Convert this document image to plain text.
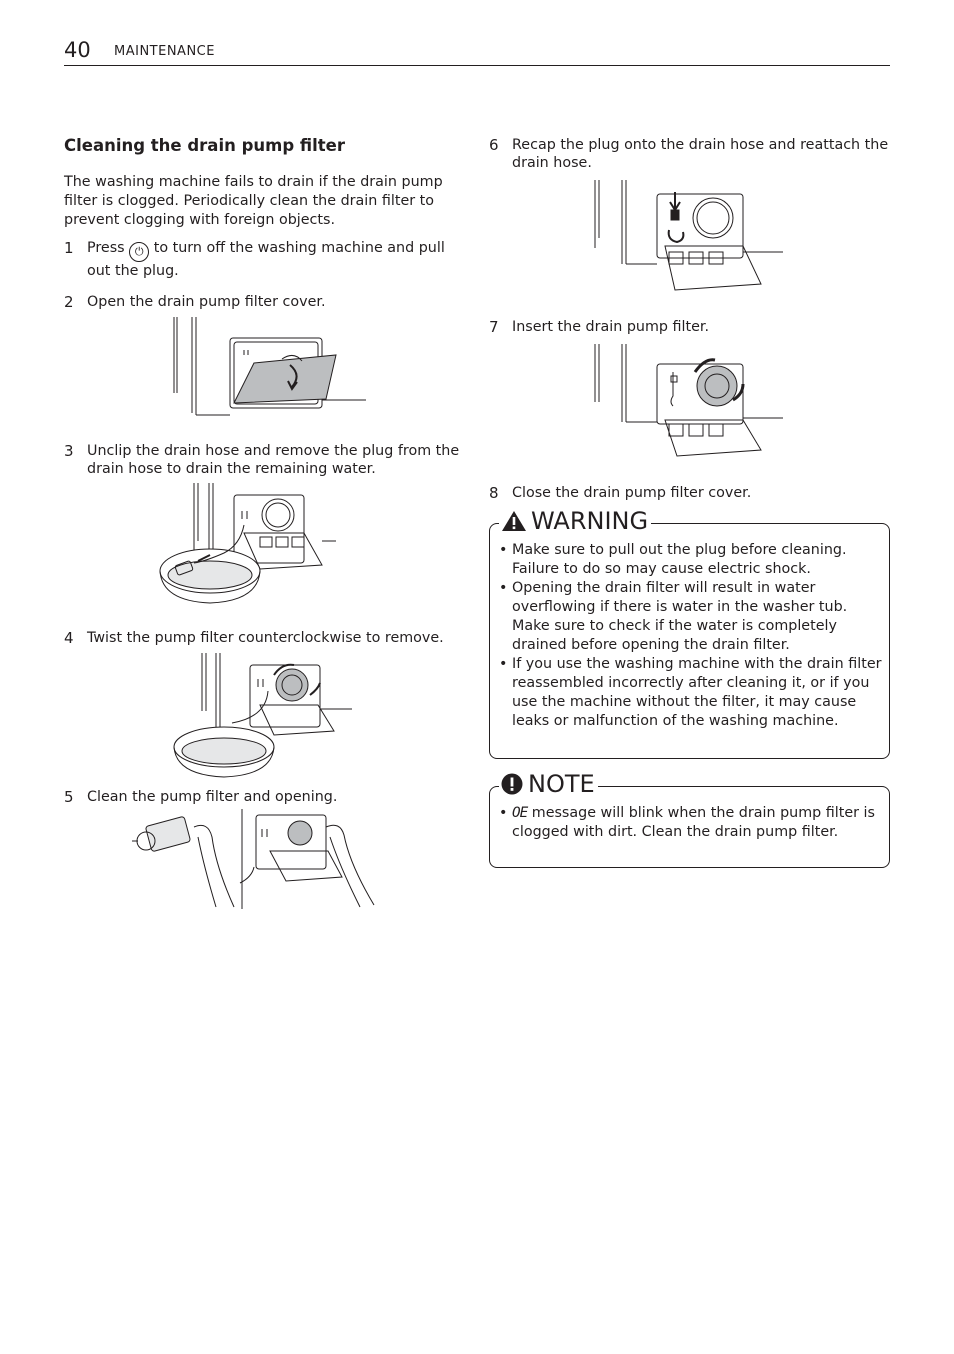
40 MAINTENANCE
Cleaning the drain pump filter

The washing machine fails to drain if the drain pump filter is clogged. Periodically clean the drain filter to prevent clogging with foreign objects.

1 Press ⏻ to turn off the washing machine and pull out the plug.
2 Open the drain pump filter cover.
3 Unclip the drain hose and remove the plug from the drain hose to drain the remaining water.
4 Twist the pump filter counterclockwise to remove.
5 Clean the pump filter and opening.
6 Recap the plug onto the drain hose and reattach the drain hose.
7 Insert the drain pump filter.
8 Close the drain pump filter cover.
WARNING
• Make sure to pull out the plug before cleaning. Failure to do so may cause electric shock.
• Opening the drain filter will result in water overflowing if there is water in the washer tub. Make sure to check if the water is completely drained before opening the drain filter.
• If you use the washing machine with the drain filter reassembled incorrectly after cleaning it, or if you use the machine without the filter, it may cause leaks or malfunction of the washing machine.
NOTE
• OE message will blink when the drain pump filter is clogged with dirt. Clean the drain pump filter.
